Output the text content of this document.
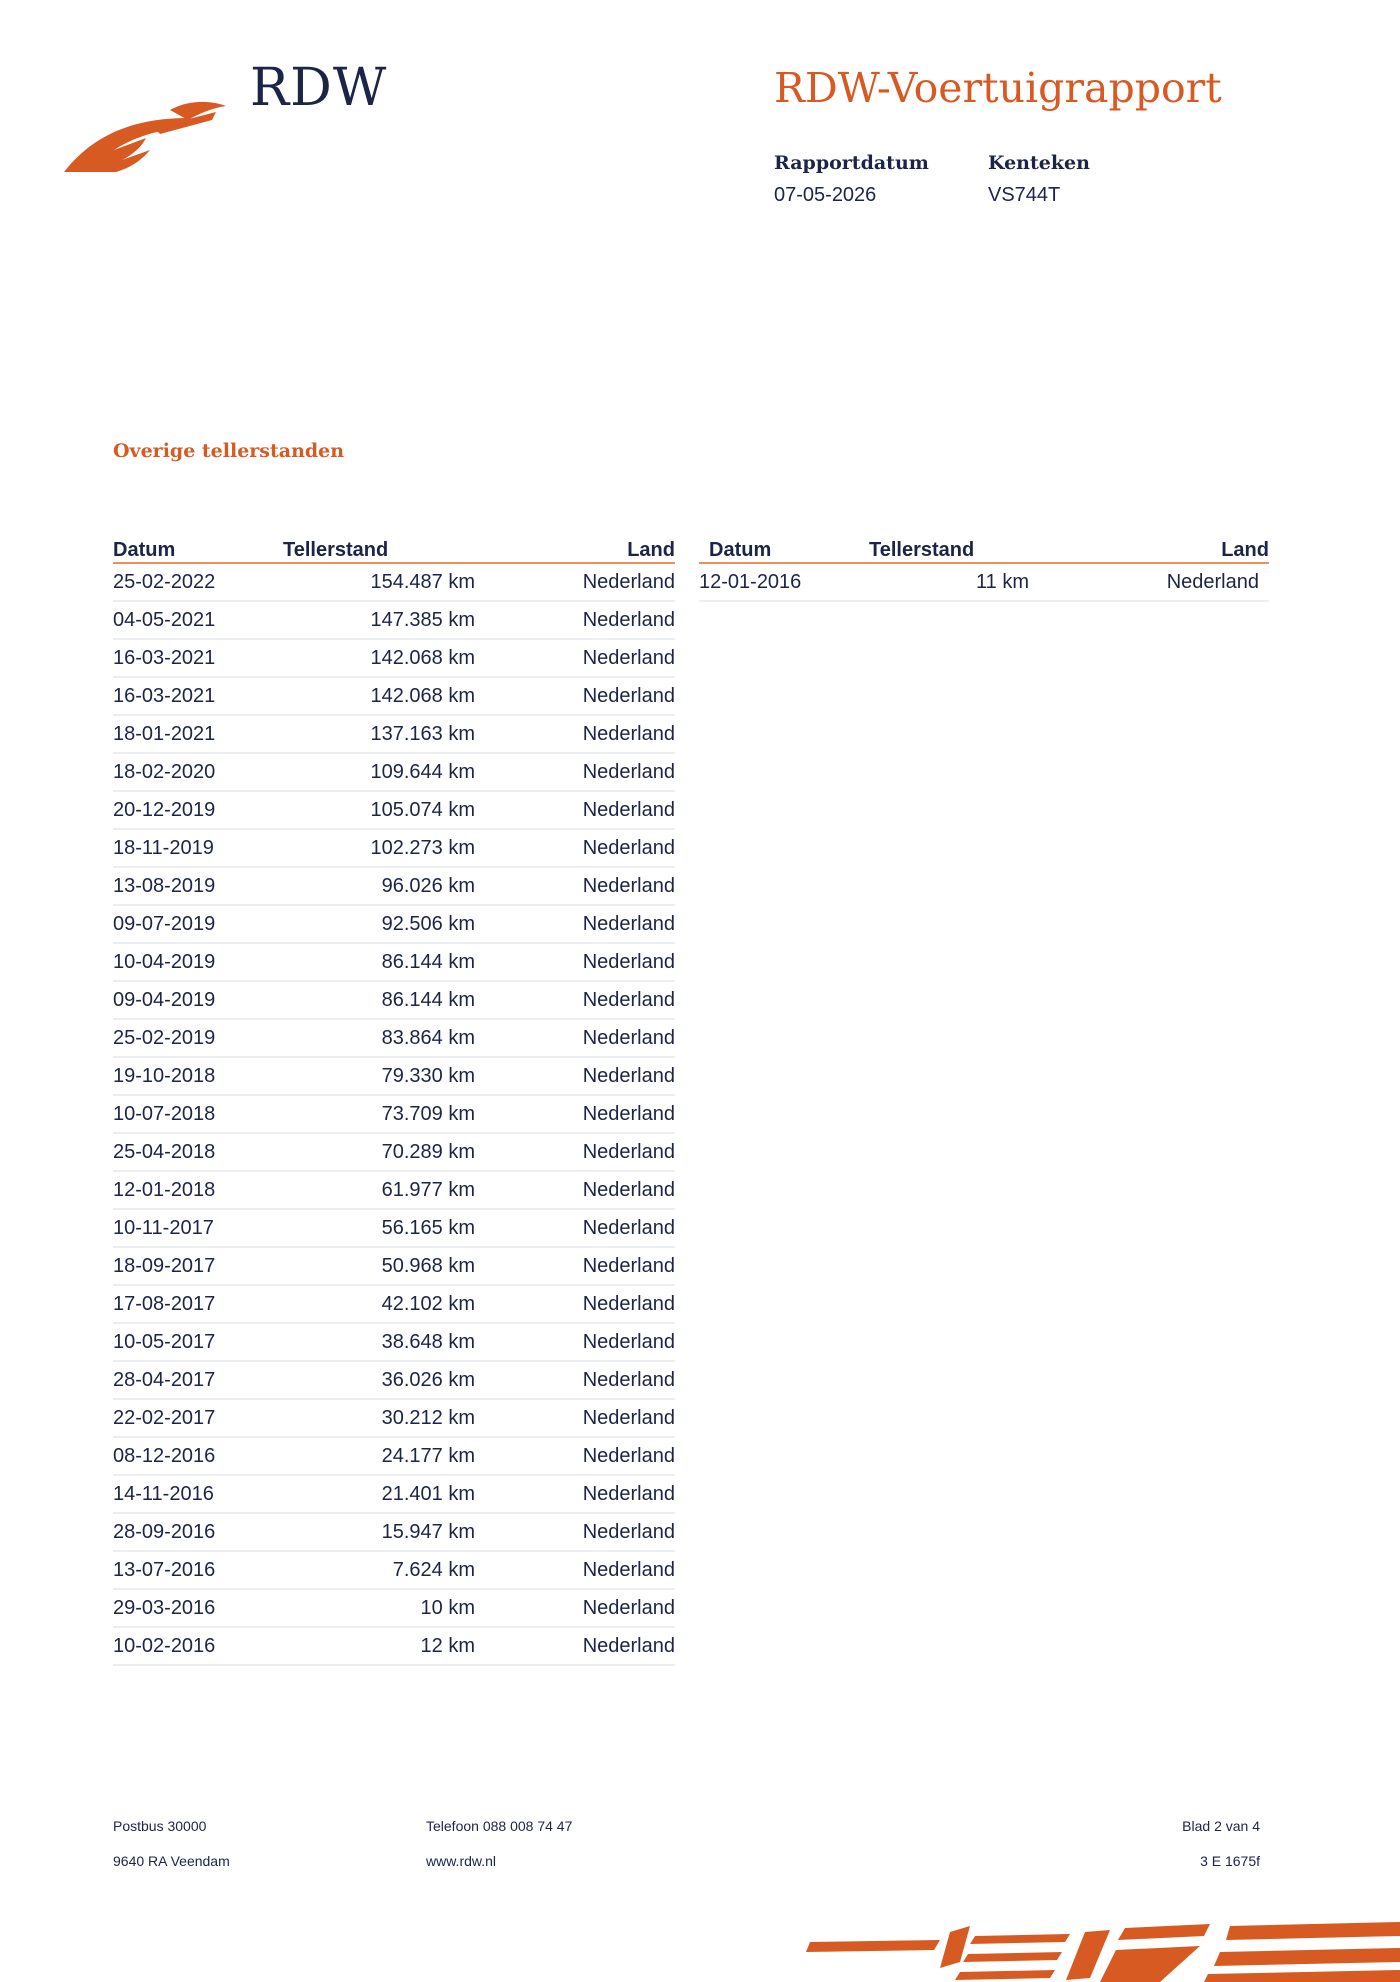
RDW	RDW-Voertuigrapport
Rapportdatum
07-05-2026
Kenteken
VS744T
Overige tellerstanden
Datum	Tellerstand	Land
25-02-2022	154.487 km	Nederland
04-05-2021	147.385 km	Nederland
16-03-2021	142.068 km	Nederland
16-03-2021	142.068 km	Nederland
18-01-2021	137.163 km	Nederland
18-02-2020	109.644 km	Nederland
20-12-2019	105.074 km	Nederland
18-11-2019	102.273 km	Nederland
13-08-2019	96.026 km	Nederland
09-07-2019	92.506 km	Nederland
10-04-2019	86.144 km	Nederland
09-04-2019	86.144 km	Nederland
25-02-2019	83.864 km	Nederland
19-10-2018	79.330 km	Nederland
10-07-2018	73.709 km	Nederland
25-04-2018	70.289 km	Nederland
12-01-2018	61.977 km	Nederland
10-11-2017	56.165 km	Nederland
18-09-2017	50.968 km	Nederland
17-08-2017	42.102 km	Nederland
10-05-2017	38.648 km	Nederland
28-04-2017	36.026 km	Nederland
22-02-2017	30.212 km	Nederland
08-12-2016	24.177 km	Nederland
14-11-2016	21.401 km	Nederland
28-09-2016	15.947 km	Nederland
13-07-2016	7.624 km	Nederland
29-03-2016	10 km	Nederland
10-02-2016	12 km	Nederland
Datum	Tellerstand	Land
12-01-2016	11 km	Nederland
Postbus 30000
9640 RA Veendam
Telefoon 088 008 74 47
www.rdw.nl
Blad 2 van 4
3 E 1675f
